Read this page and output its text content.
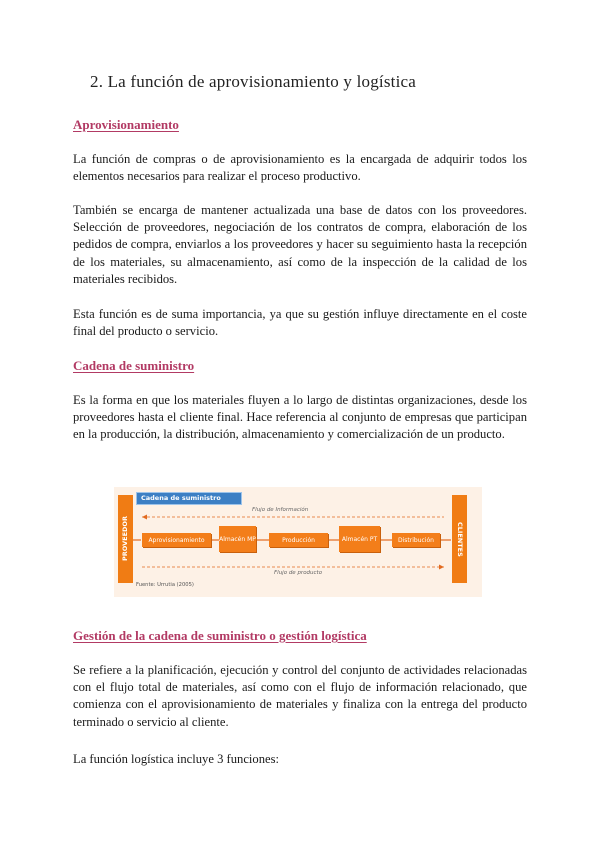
2. La función de aprovisionamiento y logística
Aprovisionamiento

La función de compras o de aprovisionamiento es la encargada de adquirir todos los elementos necesarios para realizar el proceso productivo.

También se encarga de mantener actualizada una base de datos con los proveedores. Selección de proveedores, negociación de los contratos de compra, elaboración de los pedidos de compra, enviarlos a los proveedores y hacer su seguimiento hasta la recepción de los materiales, su almacenamiento, así como de la inspección de la calidad de los materiales recibidos.

Esta función es de suma importancia, ya que su gestión influye directamente en el coste final del producto o servicio.

Cadena de suministro

Es la forma en que los materiales fluyen a lo largo de distintas organizaciones, desde los proveedores hasta el cliente final. Hace referencia al conjunto de empresas que participan en la producción, la distribución, almacenamiento y comercialización de un producto.

Cadena de suministro
PROVEEDOR	CLIENTES
Flujo de Información
Flujo de producto
Aprovisionamiento	Almacén MP	Producción	Almacén PT	Distribución
Fuente: Urrutia (2005)
Gestión de la cadena de suministro o gestión logística

Se refiere a la planificación, ejecución y control del conjunto de actividades relacionadas con el flujo total de materiales, así como con el flujo de información relacionado, que comienza con el aprovisionamiento de materiales y finaliza con la entrega del producto terminado o servicio al cliente.

La función logística incluye 3 funciones:
